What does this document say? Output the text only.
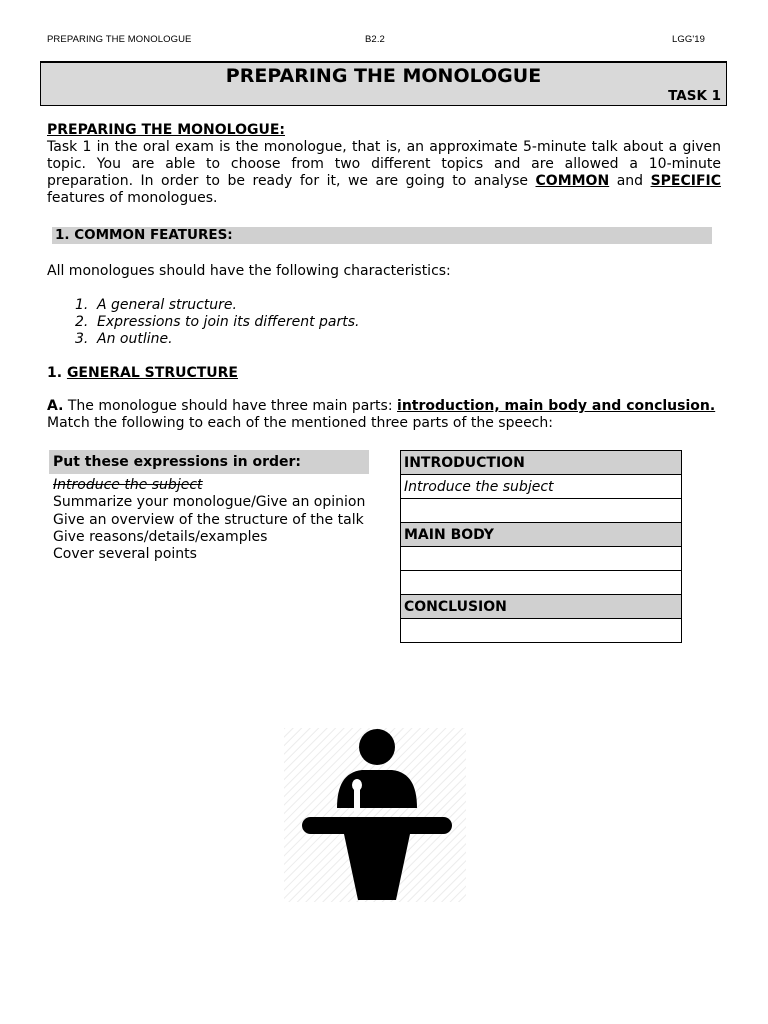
PREPARING THE MONOLOGUE	B2.2	LGG'19
PREPARING THE MONOLOGUE
TASK 1
PREPARING THE MONOLOGUE:
Task 1 in the oral exam is the monologue, that is, an approximate 5-minute talk about a given topic. You are able to choose from two different topics and are allowed a 10-minute preparation. In order to be ready for it, we are going to analyse COMMON and SPECIFIC features of monologues.
1. COMMON FEATURES:
All monologues should have the following characteristics:
1. A general structure.
2. Expressions to join its different parts.
3. An outline.
1. GENERAL STRUCTURE
A. The monologue should have three main parts: introduction, main body and conclusion.
Match the following to each of the mentioned three parts of the speech:
Put these expressions in order:
Introduce the subject
Summarize your monologue/Give an opinion
Give an overview of the structure of the talk
Give reasons/details/examples
Cover several points
INTRODUCTION
Introduce the subject

MAIN BODY

CONCLUSION
